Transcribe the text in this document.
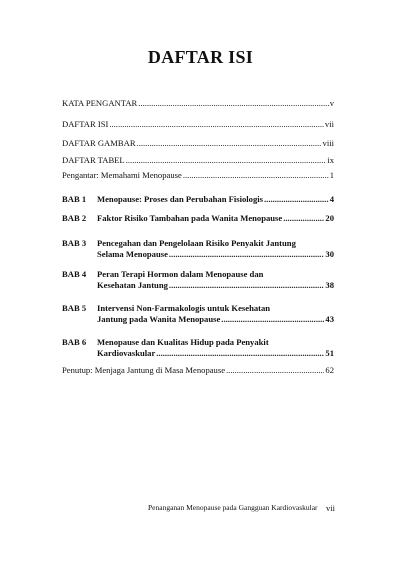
DAFTAR ISI
KATA PENGANTAR .....	v
DAFTAR ISI .....	vii
DAFTAR GAMBAR .....	viii
DAFTAR TABEL .....	ix
Pengantar: Memahami Menopause .....	1
BAB 1 Menopause: Proses dan Perubahan Fisiologis .....	4
BAB 2 Faktor Risiko Tambahan pada Wanita Menopause .....	20
BAB 3 Pencegahan dan Pengelolaan Risiko Penyakit Jantung
Selama Menopause .....	30
BAB 4 Peran Terapi Hormon dalam Menopause dan
Kesehatan Jantung .....	38
BAB 5 Intervensi Non-Farmakologis untuk Kesehatan
Jantung pada Wanita Menopause .....	43
BAB 6 Menopause dan Kualitas Hidup pada Penyakit
Kardiovaskular .....	51
Penutup: Menjaga Jantung di Masa Menopause .....	62
Penanganan Menopause pada Gangguan Kardiovaskular vii
